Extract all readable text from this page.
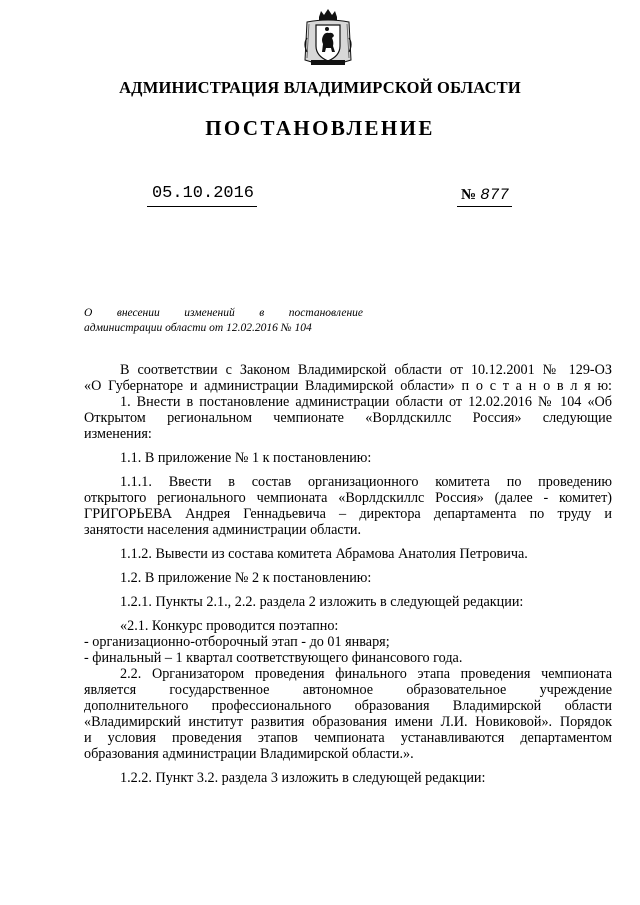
АДМИНИСТРАЦИЯ ВЛАДИМИРСКОЙ ОБЛАСТИ
ПОСТАНОВЛЕНИЕ
05.10.2016	№ 877
О внесении изменений в постановление
администрации области от 12.02.2016 № 104
В соответствии с Законом Владимирской области от 10.12.2001 № 129-ОЗ
«О Губернаторе и администрации Владимирской области» п о с т а н о в л я ю:
1. Внести в постановление администрации области от 12.02.2016 № 104 «Об
Открытом региональном чемпионате «Ворлдскиллс Россия» следующие
изменения:
1.1. В приложение № 1 к постановлению:
1.1.1. Ввести в состав организационного комитета по проведению
открытого регионального чемпионата «Ворлдскиллс Россия» (далее - комитет)
ГРИГОРЬЕВА Андрея Геннадьевича – директора департамента по труду и
занятости населения администрации области.
1.1.2. Вывести из состава комитета Абрамова Анатолия Петровича.
1.2. В приложение № 2 к постановлению:
1.2.1. Пункты 2.1., 2.2. раздела 2 изложить в следующей редакции:
«2.1. Конкурс проводится поэтапно:
- организационно-отборочный этап - до 01 января;
- финальный – 1 квартал соответствующего финансового года.
2.2. Организатором проведения финального этапа проведения чемпионата
является государственное автономное образовательное учреждение
дополнительного профессионального образования Владимирской области
«Владимирский институт развития образования имени Л.И. Новиковой». Порядок
и условия проведения этапов чемпионата устанавливаются департаментом
образования администрации Владимирской области.».
1.2.2. Пункт 3.2. раздела 3 изложить в следующей редакции:
